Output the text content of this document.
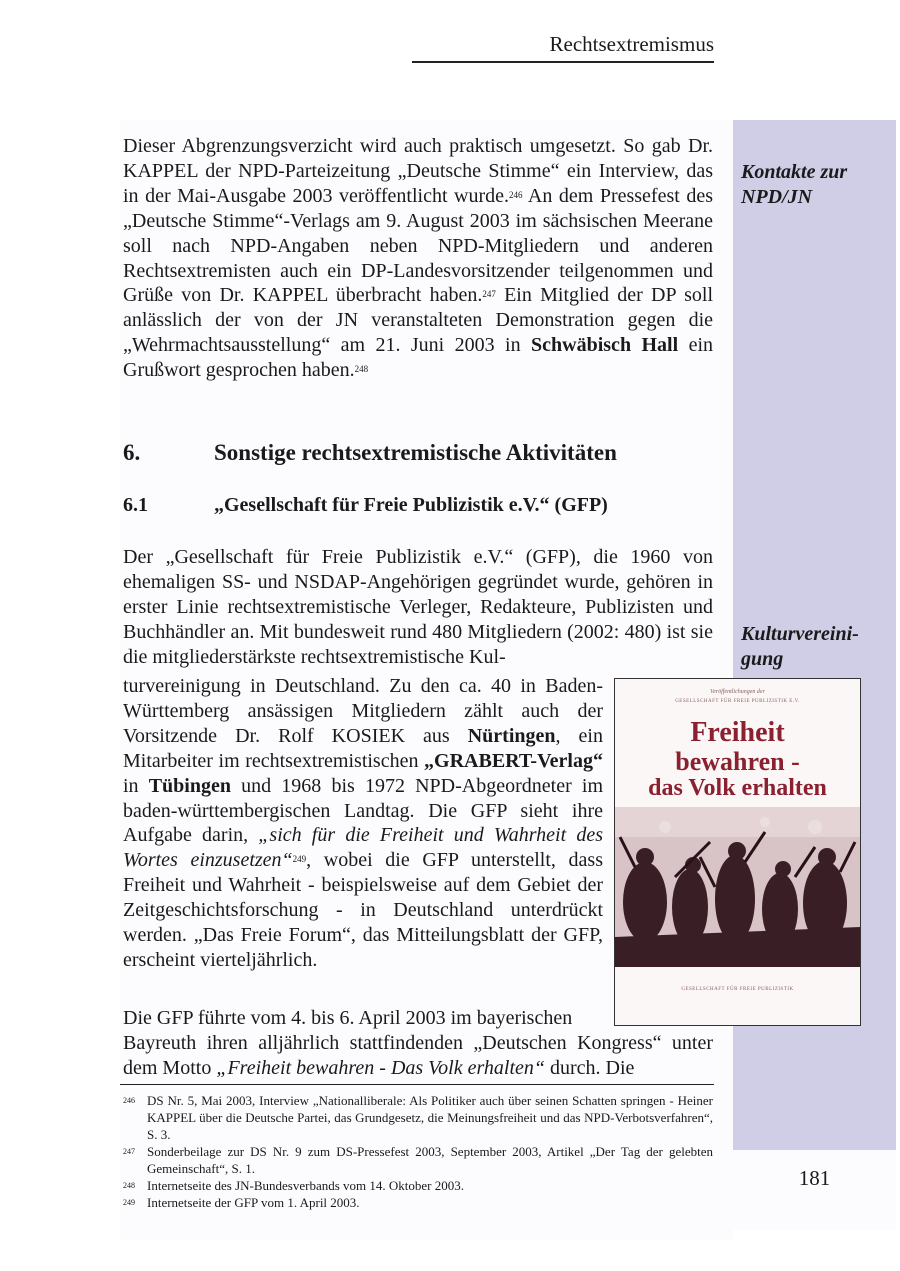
Rechtsextremismus
Kontakte zur
NPD/JN
Kulturvereini-
gung

Dieser Abgrenzungsverzicht wird auch praktisch umgesetzt. So gab Dr. KAPPEL der NPD-Parteizeitung „Deutsche Stimme“ ein Interview, das in der Mai-Ausgabe 2003 veröffentlicht wurde.$^{246}$ An dem Pressefest des „Deutsche Stimme“-Verlags am 9. August 2003 im sächsischen Meerane soll nach NPD-Angaben neben NPD-Mitgliedern und anderen Rechtsextremisten auch ein DP-Landesvorsitzender teilgenommen und Grüße von Dr. KAPPEL überbracht haben.$^{247}$ Ein Mitglied der DP soll anlässlich der von der JN veranstalteten Demonstration gegen die „Wehrmachtsausstellung“ am 21. Juni 2003 in Schwäbisch Hall ein Grußwort gesprochen haben.$^{248}$

6.	Sonstige rechtsextremistische Aktivitäten
6.1	„Gesellschaft für Freie Publizistik e.V.“ (GFP)

Der „Gesellschaft für Freie Publizistik e.V.“ (GFP), die 1960 von ehemaligen SS- und NSDAP-Angehörigen gegründet wurde, gehören in erster Linie rechtsextremistische Verleger, Redakteure, Publizisten und Buchhändler an. Mit bundesweit rund 480 Mitgliedern (2002: 480) ist sie die mitgliederstärkste rechtsextremistische Kul-

turvereinigung in Deutschland. Zu den ca. 40 in Baden-Württemberg ansässigen Mitgliedern zählt auch der Vorsitzende Dr. Rolf KOSIEK aus Nürtingen, ein Mitarbeiter im rechtsextremistischen „GRABERT-Verlag“ in Tübingen und 1968 bis 1972 NPD-Abgeordneter im baden-württembergischen Landtag. Die GFP sieht ihre Aufgabe darin, „sich für die Freiheit und Wahrheit des Wortes einzusetzen“$^{249}$, wobei die GFP unterstellt, dass Freiheit und Wahrheit - beispielsweise auf dem Gebiet der Zeitgeschichtsforschung - in Deutschland unterdrückt werden. „Das Freie Forum“, das Mitteilungsblatt der GFP, erscheint vierteljährlich.

Die GFP führte vom 4. bis 6. April 2003 im bayerischen

Bayreuth ihren alljährlich stattfindenden „Deutschen Kongress“ unter dem Motto „Freiheit bewahren - Das Volk erhalten“ durch. Die

Veröffentlichungen der
GESELLSCHAFT FÜR FREIE PUBLIZISTIK E.V.
Freiheit
bewahren -
das Volk erhalten
GESELLSCHAFT FÜR FREIE PUBLIZISTIK
246 DS Nr. 5, Mai 2003, Interview „Nationalliberale: Als Politiker auch über seinen Schatten springen - Heiner KAPPEL über die Deutsche Partei, das Grundgesetz, die Meinungsfreiheit und das NPD-Verbotsverfahren“, S. 3.
247 Sonderbeilage zur DS Nr. 9 zum DS-Pressefest 2003, September 2003, Artikel „Der Tag der gelebten Gemeinschaft“, S. 1.
248 Internetseite des JN-Bundesverbands vom 14. Oktober 2003.
249 Internetseite der GFP vom 1. April 2003.
181
